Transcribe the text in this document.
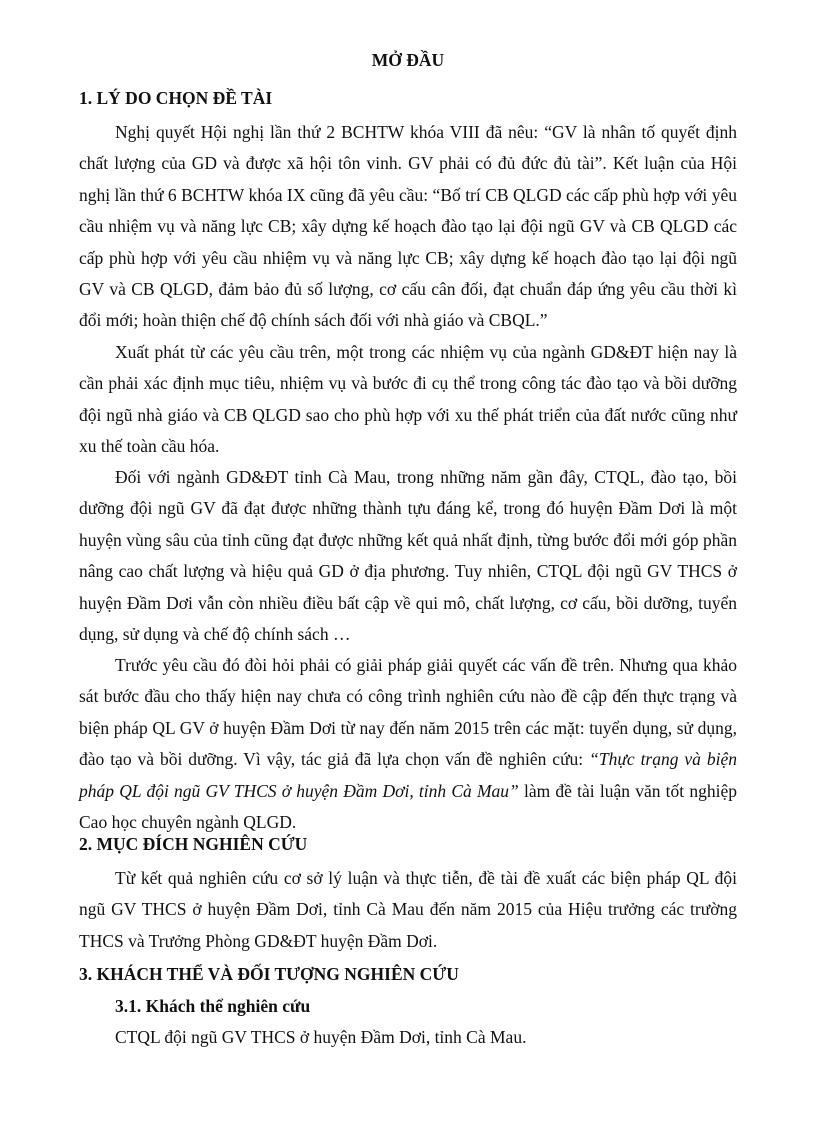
MỞ ĐẦU
1. LÝ DO CHỌN ĐỀ TÀI

Nghị quyết Hội nghị lần thứ 2 BCHTW khóa VIII đã nêu: “GV là nhân tố quyết định chất lượng của GD và được xã hội tôn vinh. GV phải có đủ đức đủ tài”. Kết luận của Hội nghị lần thứ 6 BCHTW khóa IX cũng đã yêu cầu: “Bố trí CB QLGD các cấp phù hợp với yêu cầu nhiệm vụ và năng lực CB; xây dựng kế hoạch đào tạo lại đội ngũ GV và CB QLGD các cấp phù hợp với yêu cầu nhiệm vụ và năng lực CB; xây dựng kế hoạch đào tạo lại đội ngũ GV và CB QLGD, đảm bảo đủ số lượng, cơ cấu cân đối, đạt chuẩn đáp ứng yêu cầu thời kì đổi mới; hoàn thiện chế độ chính sách đối với nhà giáo và CBQL.”

Xuất phát từ các yêu cầu trên, một trong các nhiệm vụ của ngành GD&ĐT hiện nay là cần phải xác định mục tiêu, nhiệm vụ và bước đi cụ thể trong công tác đào tạo và bồi dưỡng đội ngũ nhà giáo và CB QLGD sao cho phù hợp với xu thế phát triển của đất nước cũng như xu thế toàn cầu hóa.

Đối với ngành GD&ĐT tỉnh Cà Mau, trong những năm gần đây, CTQL, đào tạo, bồi dưỡng đội ngũ GV đã đạt được những thành tựu đáng kể, trong đó huyện Đầm Dơi là một huyện vùng sâu của tỉnh cũng đạt được những kết quả nhất định, từng bước đổi mới góp phần nâng cao chất lượng và hiệu quả GD ở địa phương. Tuy nhiên, CTQL đội ngũ GV THCS ở huyện Đầm Dơi vẫn còn nhiều điều bất cập về qui mô, chất lượng, cơ cấu, bồi dưỡng, tuyển dụng, sử dụng và chế độ chính sách …

Trước yêu cầu đó đòi hỏi phải có giải pháp giải quyết các vấn đề trên. Nhưng qua khảo sát bước đầu cho thấy hiện nay chưa có công trình nghiên cứu nào đề cập đến thực trạng và biện pháp QL GV ở huyện Đầm Dơi từ nay đến năm 2015 trên các mặt: tuyển dụng, sử dụng, đào tạo và bồi dưỡng. Vì vậy, tác giả đã lựa chọn vấn đề nghiên cứu: “Thực trạng và biện pháp QL đội ngũ GV THCS ở huyện Đầm Dơi, tỉnh Cà Mau” làm đề tài luận văn tốt nghiệp Cao học chuyên ngành QLGD.

2. MỤC ĐÍCH NGHIÊN CỨU

Từ kết quả nghiên cứu cơ sở lý luận và thực tiễn, đề tài đề xuất các biện pháp QL đội ngũ GV THCS ở huyện Đầm Dơi, tỉnh Cà Mau đến năm 2015 của Hiệu trưởng các trường THCS và Trưởng Phòng GD&ĐT huyện Đầm Dơi.

3. KHÁCH THỂ VÀ ĐỐI TƯỢNG NGHIÊN CỨU
3.1. Khách thể nghiên cứu

CTQL đội ngũ GV THCS ở huyện Đầm Dơi, tỉnh Cà Mau.
